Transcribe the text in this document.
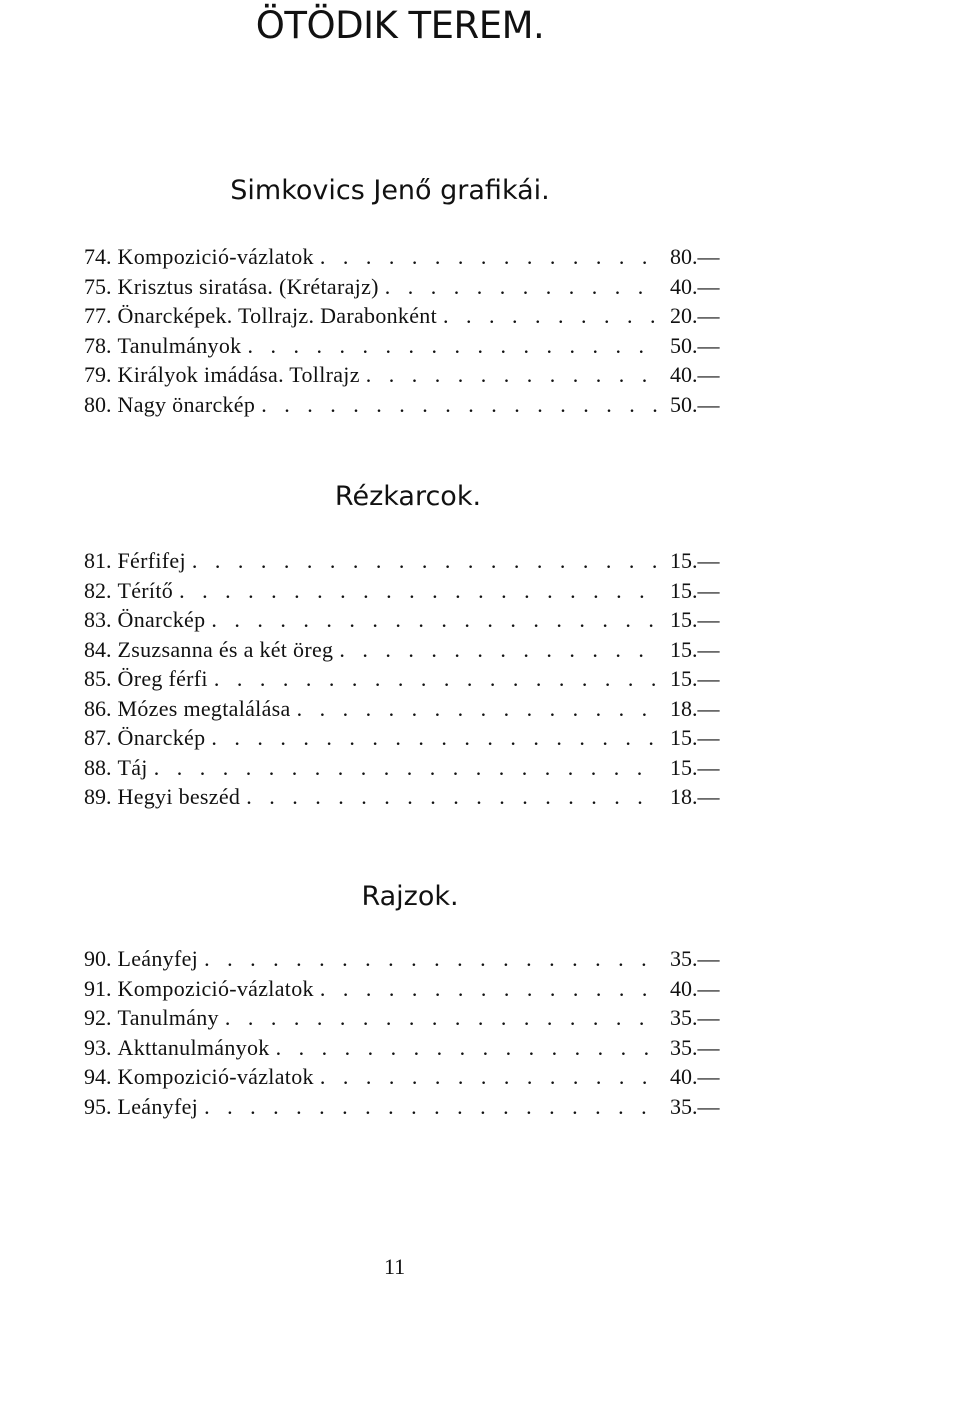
ÖTÖDIK TEREM.
Simkovics Jenő grafikái.
74. Kompozició-vázlatok . . .	80.—
75. Krisztus siratása. (Krétarajz) . . .	40.—
77. Önarcképek. Tollrajz. Darabonként . . .	20.—
78. Tanulmányok . . .	50.—
79. Királyok imádása. Tollrajz . . .	40.—
80. Nagy önarckép . . .	50.—
Rézkarcok.
81. Férfifej . . .	15.—
82. Térítő . . .	15.—
83. Önarckép . . .	15.—
84. Zsuzsanna és a két öreg . . .	15.—
85. Öreg férfi . . .	15.—
86. Mózes megtalálása . . .	18.—
87. Önarckép . . .	15.—
88. Táj . . .	15.—
89. Hegyi beszéd . . .	18.—
Rajzok.
90. Leányfej . . .	35.—
91. Kompozició-vázlatok . . .	40.—
92. Tanulmány . . .	35.—
93. Akttanulmányok . . .	35.—
94. Kompozició-vázlatok . . .	40.—
95. Leányfej . . .	35.—
11
